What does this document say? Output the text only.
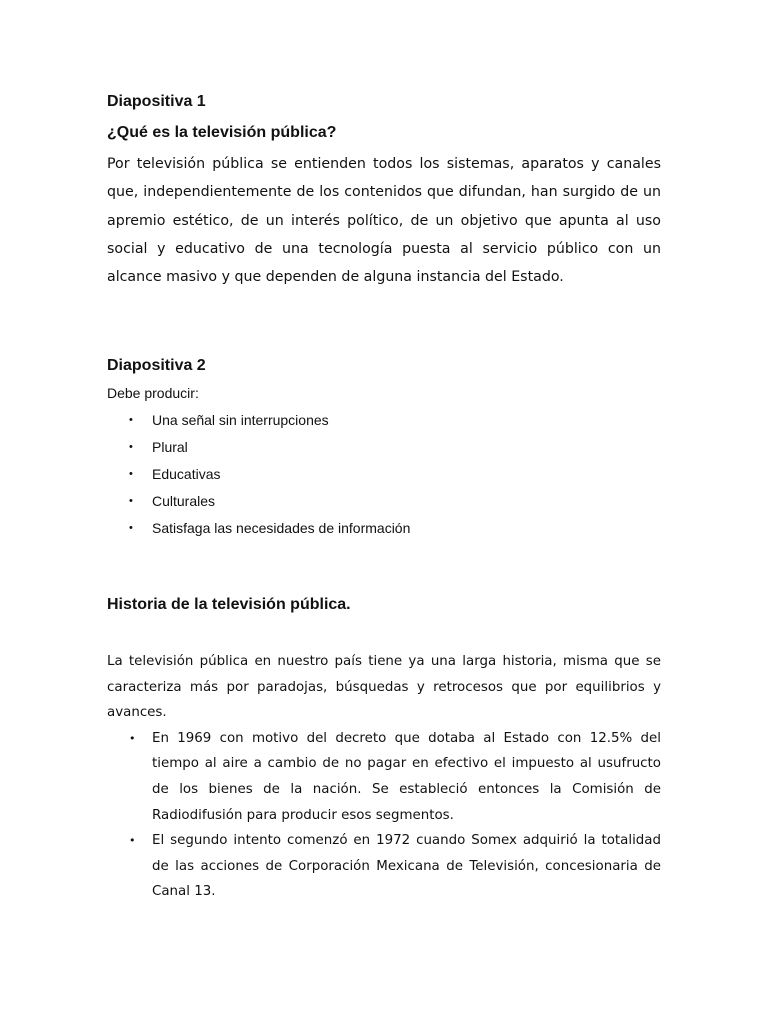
Diapositiva 1
¿Qué es la televisión pública?

Por televisión pública se entienden todos los sistemas, aparatos y canales que, independientemente de los contenidos que difundan, han surgido de un apremio estético, de un interés político, de un objetivo que apunta al uso social y educativo de una tecnología puesta al servicio público con un alcance masivo y que dependen de alguna instancia del Estado.

Diapositiva 2

Debe producir:

• Una señal sin interrupciones
• Plural
• Educativas
• Culturales
• Satisfaga las necesidades de información
Historia de la televisión pública.

La televisión pública en nuestro país tiene ya una larga historia, misma que se caracteriza más por paradojas, búsquedas y retrocesos que por equilibrios y avances.

• En 1969 con motivo del decreto que dotaba al Estado con 12.5% del tiempo al aire a cambio de no pagar en efectivo el impuesto al usufructo de los bienes de la nación. Se estableció entonces la Comisión de Radiodifusión para producir esos segmentos.
• El segundo intento comenzó en 1972 cuando Somex adquirió la totalidad de las acciones de Corporación Mexicana de Televisión, concesionaria de Canal 13.
